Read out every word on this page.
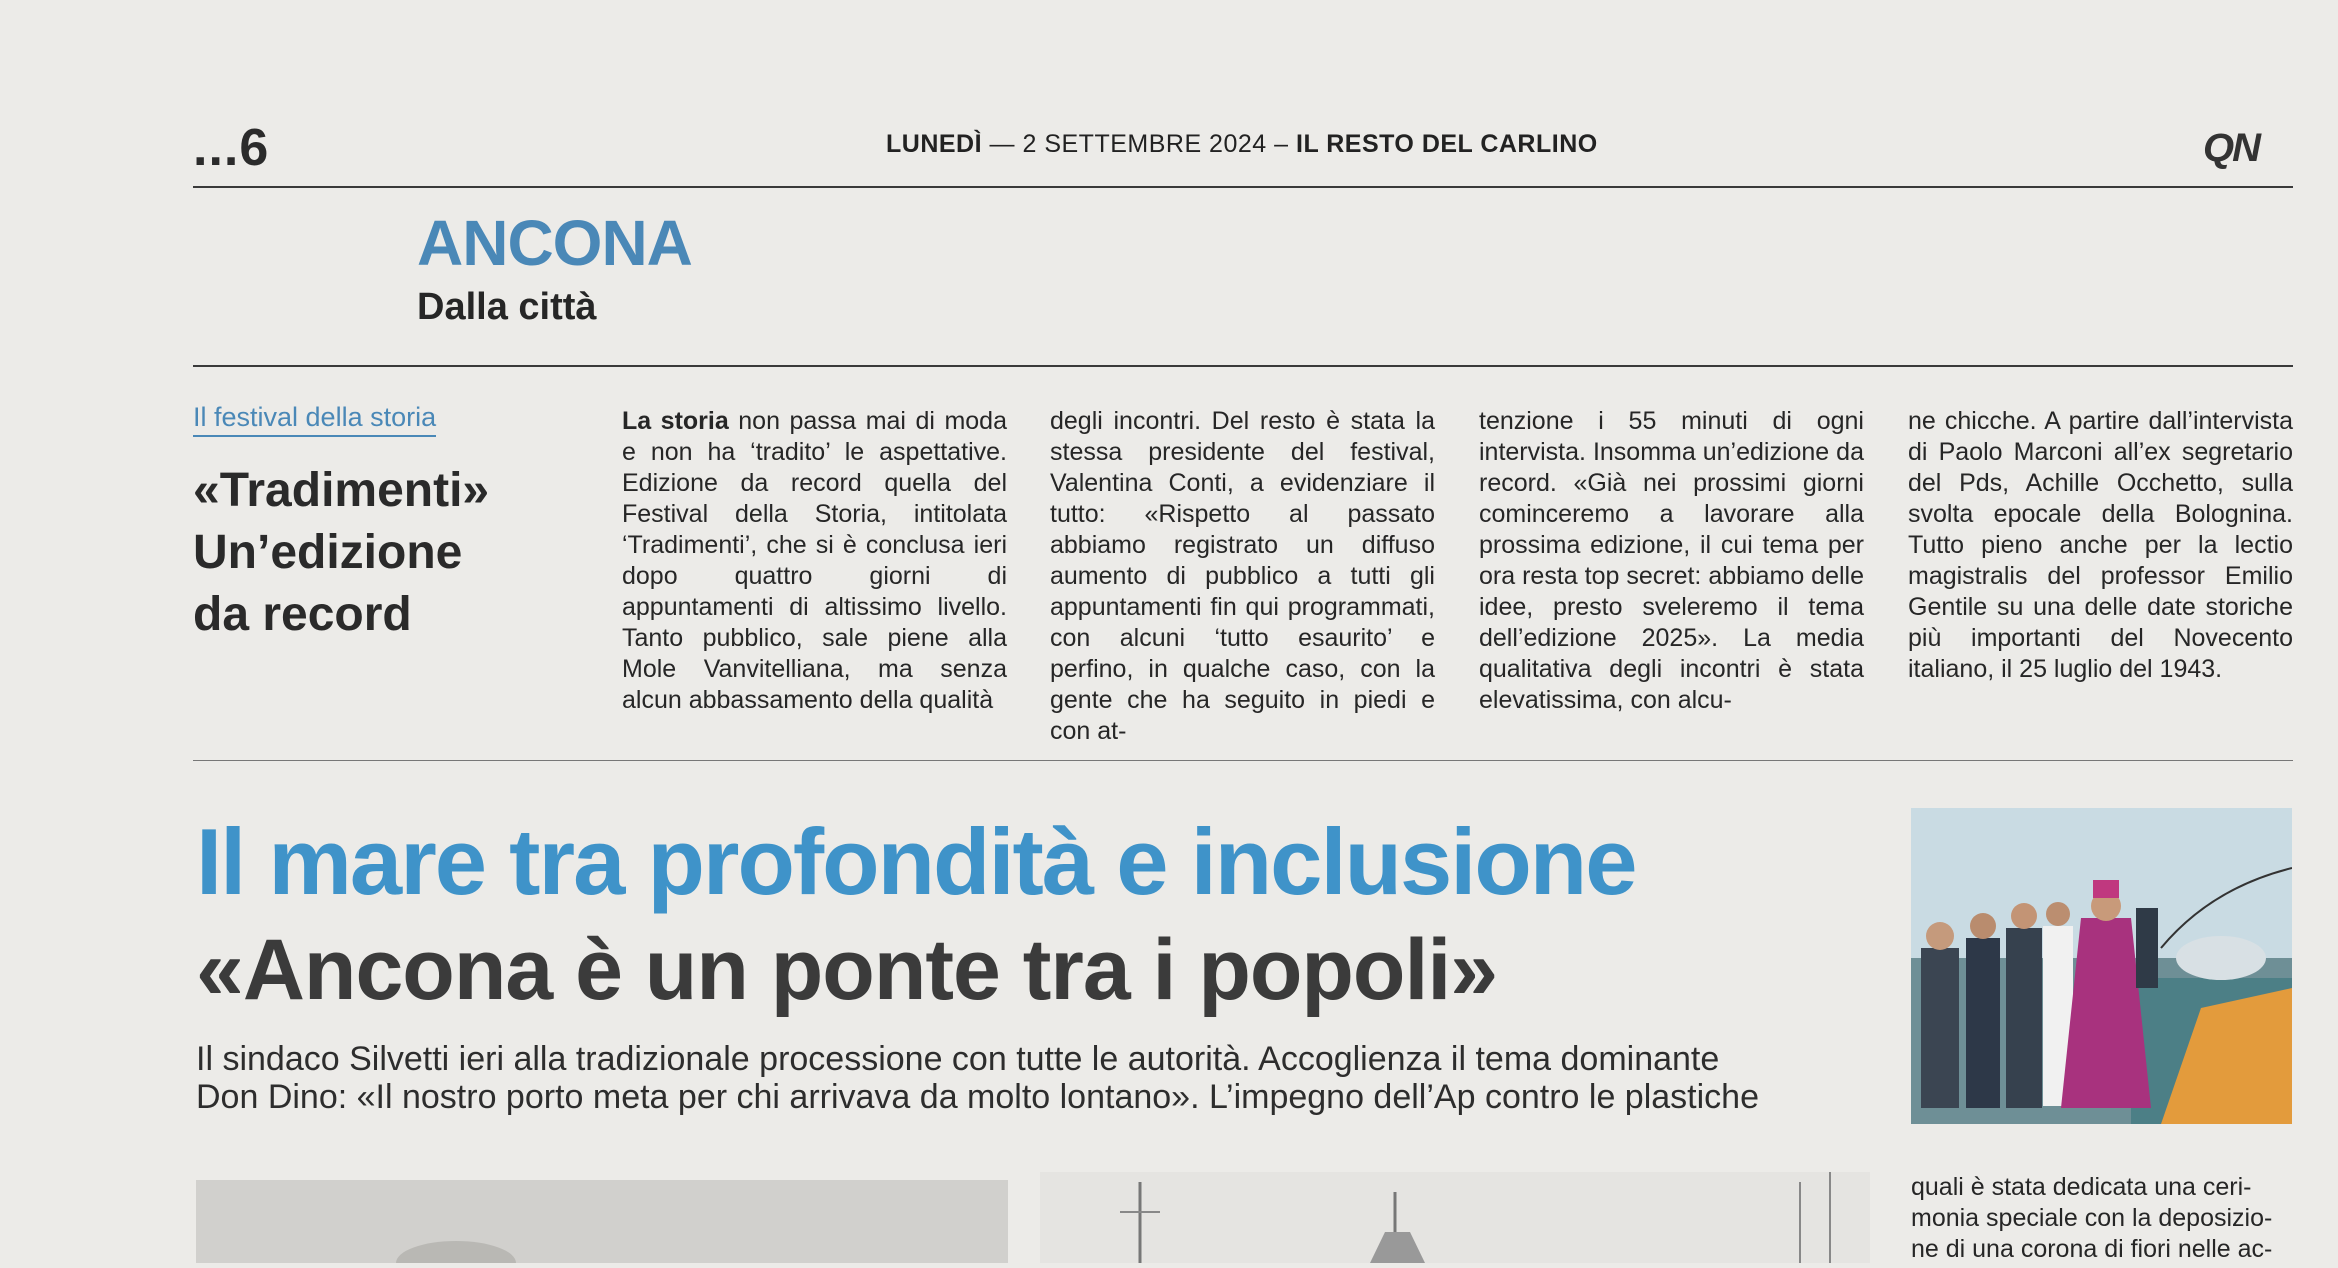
...6	LUNEDÌ — 2 SETTEMBRE 2024 – IL RESTO DEL CARLINO	QN
ANCONA
Dalla città
Il festival della storia
«Tradimenti»
Un’edizione
da record

La storia non passa mai di moda e non ha ‘tradito’ le aspettative. Edizione da record quella del Festival della Storia, intitolata ‘Tradimenti’, che si è conclusa ieri dopo quattro giorni di appuntamenti di altissimo livello. Tanto pubblico, sale piene alla Mole Vanvitelliana, ma senza alcun abbassamento della qualità

degli incontri. Del resto è stata la stessa presidente del festival, Valentina Conti, a evidenziare il tutto: «Rispetto al passato abbiamo registrato un diffuso aumento di pubblico a tutti gli appuntamenti fin qui programmati, con alcuni ‘tutto esaurito’ e perfino, in qualche caso, con la gente che ha seguito in piedi e con at-

tenzione i 55 minuti di ogni intervista. Insomma un’edizione da record. «Già nei prossimi giorni cominceremo a lavorare alla prossima edizione, il cui tema per ora resta top secret: abbiamo delle idee, presto sveleremo il tema dell’edizione 2025». La media qualitativa degli incontri è stata elevatissima, con alcu-

ne chicche. A partire dall’intervista di Paolo Marconi all’ex segretario del Pds, Achille Occhetto, sulla svolta epocale della Bolognina. Tutto pieno anche per la lectio magistralis del professor Emilio Gentile su una delle date storiche più importanti del Novecento italiano, il 25 luglio del 1943.

Il mare tra profondità e inclusione
«Ancona è un ponte tra i popoli»
Il sindaco Silvetti ieri alla tradizionale processione con tutte le autorità. Accoglienza il tema dominante
Don Dino: «Il nostro porto meta per chi arrivava da molto lontano». L’impegno dell’Ap contro le plastiche
quali è stata dedicata una ceri-
monia speciale con la deposizio-
ne di una corona di fiori nelle ac-
